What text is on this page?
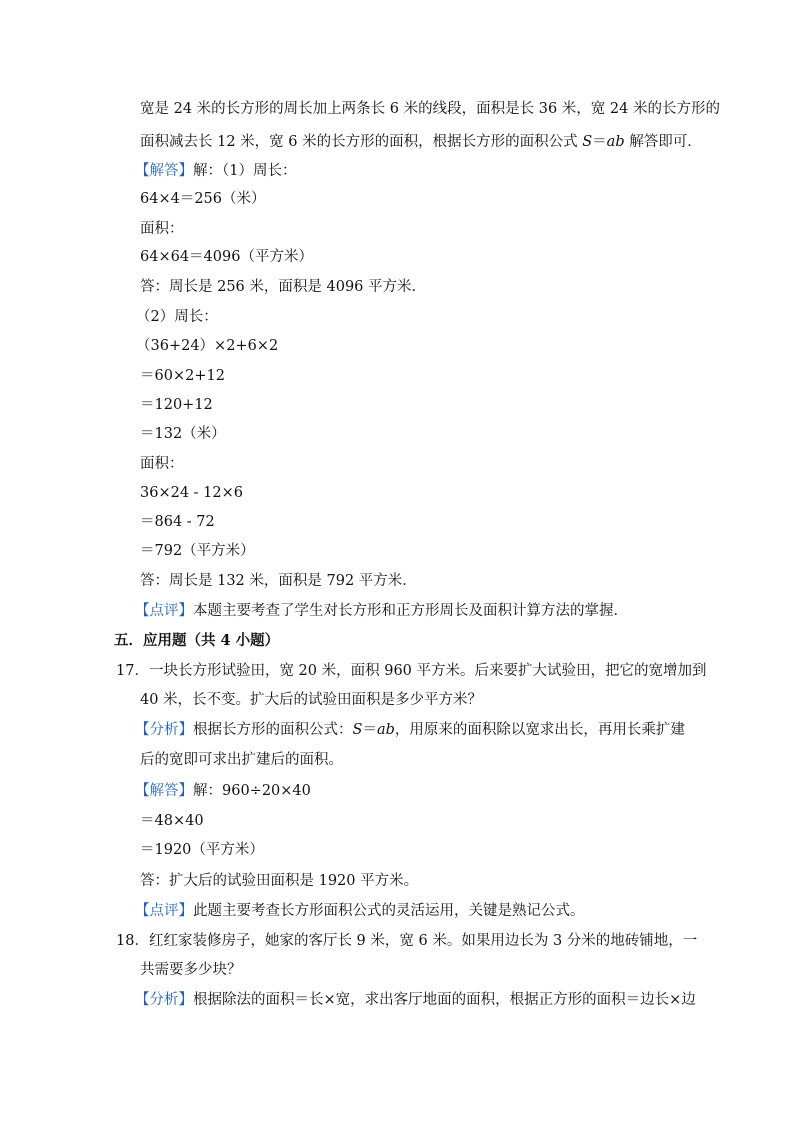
宽是 24 米的长方形的周长加上两条长 6 米的线段，面积是长 36 米，宽 24 米的长方形的
面积减去长 12 米，宽 6 米的长方形的面积，根据长方形的面积公式 S＝ab 解答即可．
【解答】解：（1）周长：
64×4＝256（米）
面积：
64×64＝4096（平方米）
答：周长是 256 米，面积是 4096 平方米．
（2）周长：
（36+24）×2+6×2
＝60×2+12
＝120+12
＝132（米）
面积：
36×24 - 12×6
＝864 - 72
＝792（平方米）
答：周长是 132 米，面积是 792 平方米．
【点评】本题主要考查了学生对长方形和正方形周长及面积计算方法的掌握．
五．应用题（共 4 小题）
17．一块长方形试验田，宽 20 米，面积 960 平方米。后来要扩大试验田，把它的宽增加到
40 米，长不变。扩大后的试验田面积是多少平方米？
【分析】根据长方形的面积公式：S＝ab，用原来的面积除以宽求出长，再用长乘扩建
后的宽即可求出扩建后的面积。
【解答】解：960÷20×40
＝48×40
＝1920（平方米）
答：扩大后的试验田面积是 1920 平方米。
【点评】此题主要考查长方形面积公式的灵活运用，关键是熟记公式。
18．红红家装修房子，她家的客厅长 9 米，宽 6 米。如果用边长为 3 分米的地砖铺地，一
共需要多少块？
【分析】根据除法的面积＝长×宽，求出客厅地面的面积，根据正方形的面积＝边长×边
